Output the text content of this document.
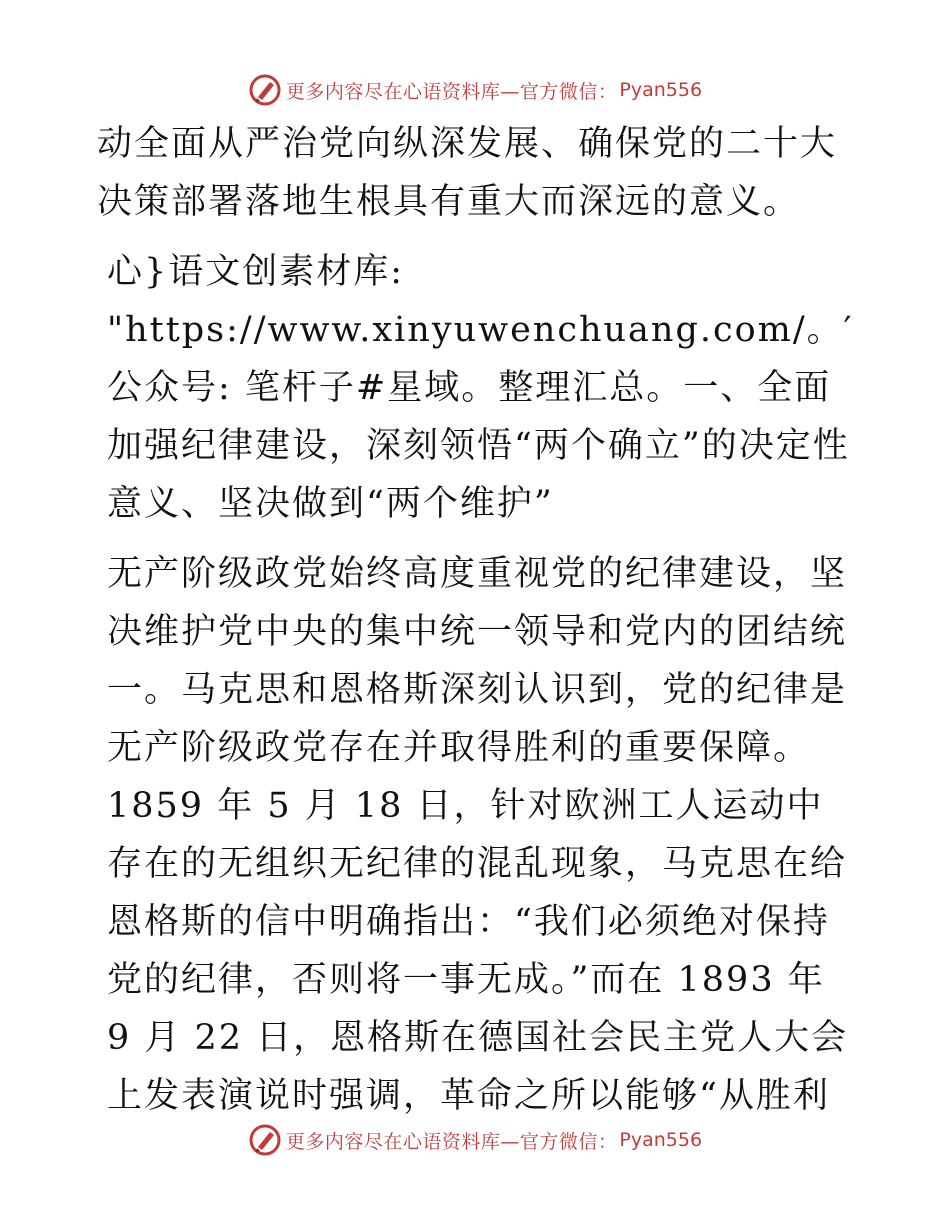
更多内容尽在心语资料库—官方微信： Pyan556

动全面从严治党向纵深发展、确保党的二十大决策部署落地生根具有重大而深远的意义。

心}语文创素材库: "https://www.xinyuwenchuang.com/。′公众号: 笔杆子#星域。整理汇总。一、全面加强纪律建设，深刻领悟“两个确立”的决定性意义、坚决做到“两个维护”

无产阶级政党始终高度重视党的纪律建设，坚决维护党中央的集中统一领导和党内的团结统一。马克思和恩格斯深刻认识到，党的纪律是无产阶级政党存在并取得胜利的重要保障。1859 年 5 月 18 日，针对欧洲工人运动中存在的无组织无纪律的混乱现象，马克思在给恩格斯的信中明确指出：“我们必须绝对保持党的纪律，否则将一事无成。”而在 1893 年 9 月 22 日，恩格斯在德国社会民主党人大会上发表演说时强调，革命之所以能够“从胜利

更多内容尽在心语资料库—官方微信： Pyan556
